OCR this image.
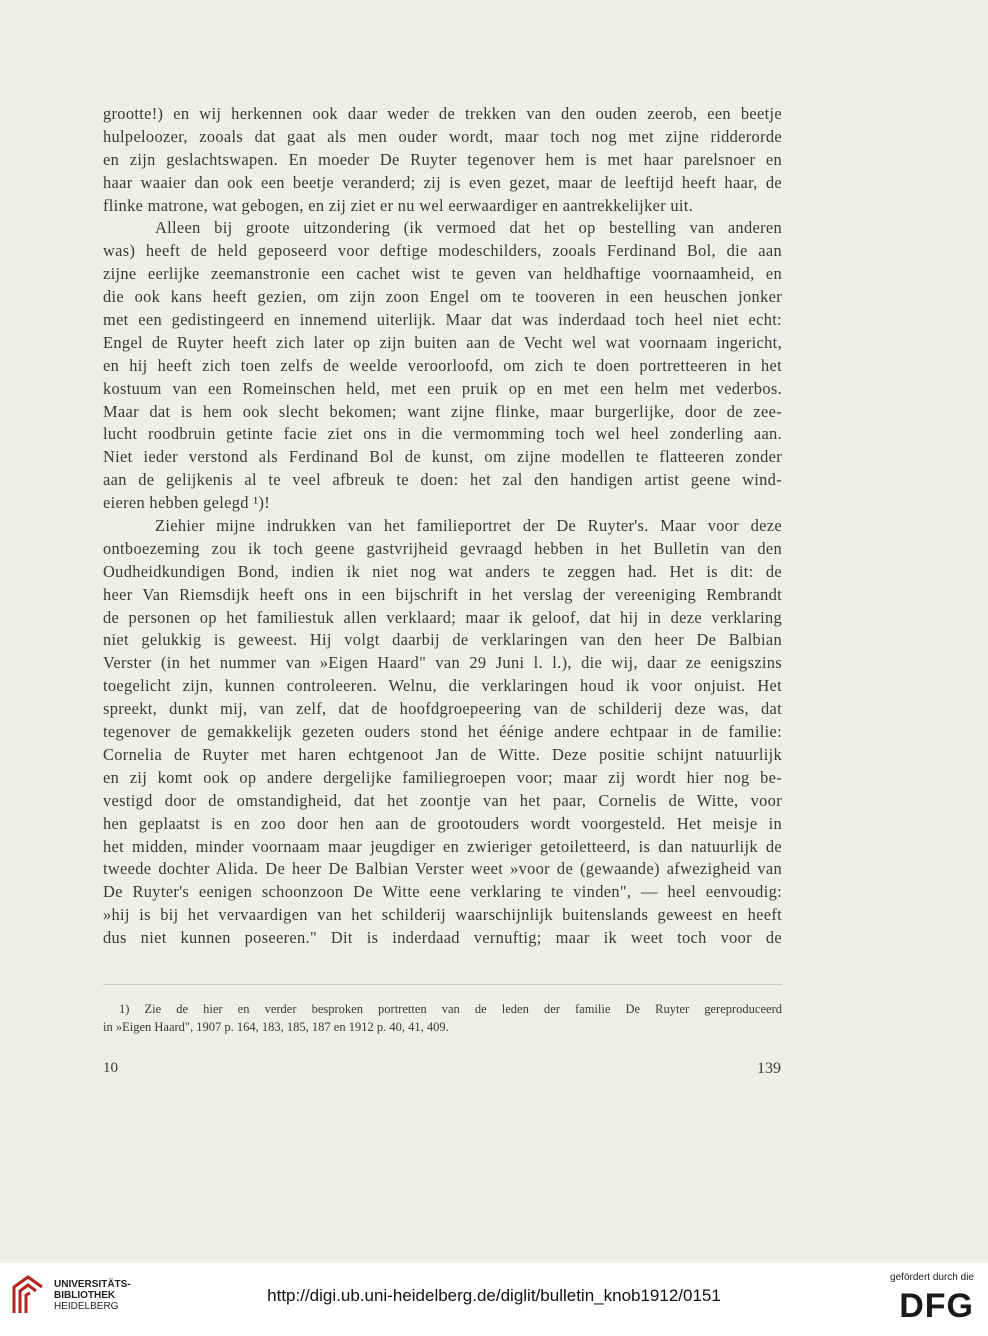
grootte!) en wij herkennen ook daar weder de trekken van den ouden zeerob, een beetje
hulpeloozer, zooals dat gaat als men ouder wordt, maar toch nog met zijne ridderorde
en zijn geslachtswapen. En moeder De Ruyter tegenover hem is met haar parelsnoer en
haar waaier dan ook een beetje veranderd; zij is even gezet, maar de leeftijd heeft haar, de
flinke matrone, wat gebogen, en zij ziet er nu wel eerwaardiger en aantrekkelijker uit.
Alleen bij groote uitzondering (ik vermoed dat het op bestelling van anderen
was) heeft de held geposeerd voor deftige modeschilders, zooals Ferdinand Bol, die aan
zijne eerlijke zeemanstronie een cachet wist te geven van heldhaftige voornaamheid, en
die ook kans heeft gezien, om zijn zoon Engel om te tooveren in een heuschen jonker
met een gedistingeerd en innemend uiterlijk. Maar dat was inderdaad toch heel niet echt:
Engel de Ruyter heeft zich later op zijn buiten aan de Vecht wel wat voornaam ingericht,
en hij heeft zich toen zelfs de weelde veroorloofd, om zich te doen portretteeren in het
kostuum van een Romeinschen held, met een pruik op en met een helm met vederbos.
Maar dat is hem ook slecht bekomen; want zijne flinke, maar burgerlijke, door de zee-
lucht roodbruin getinte facie ziet ons in die vermomming toch wel heel zonderling aan.
Niet ieder verstond als Ferdinand Bol de kunst, om zijne modellen te flatteeren zonder
aan de gelijkenis al te veel afbreuk te doen: het zal den handigen artist geene wind-
eieren hebben gelegd ¹)!
Ziehier mijne indrukken van het familieportret der De Ruyter's. Maar voor deze
ontboezeming zou ik toch geene gastvrijheid gevraagd hebben in het Bulletin van den
Oudheidkundigen Bond, indien ik niet nog wat anders te zeggen had. Het is dit: de
heer Van Riemsdijk heeft ons in een bijschrift in het verslag der vereeniging Rembrandt
de personen op het familiestuk allen verklaard; maar ik geloof, dat hij in deze verklaring
niet gelukkig is geweest. Hij volgt daarbij de verklaringen van den heer De Balbian
Verster (in het nummer van »Eigen Haard" van 29 Juni l. l.), die wij, daar ze eenigszins
toegelicht zijn, kunnen controleeren. Welnu, die verklaringen houd ik voor onjuist. Het
spreekt, dunkt mij, van zelf, dat de hoofdgroepeering van de schilderij deze was, dat
tegenover de gemakkelijk gezeten ouders stond het éénige andere echtpaar in de familie:
Cornelia de Ruyter met haren echtgenoot Jan de Witte. Deze positie schijnt natuurlijk
en zij komt ook op andere dergelijke familiegroepen voor; maar zij wordt hier nog be-
vestigd door de omstandigheid, dat het zoontje van het paar, Cornelis de Witte, voor
hen geplaatst is en zoo door hen aan de grootouders wordt voorgesteld. Het meisje in
het midden, minder voornaam maar jeugdiger en zwieriger getoiletteerd, is dan natuurlijk de
tweede dochter Alida. De heer De Balbian Verster weet »voor de (gewaande) afwezigheid van
De Ruyter's eenigen schoonzoon De Witte eene verklaring te vinden", — heel eenvoudig:
»hij is bij het vervaardigen van het schilderij waarschijnlijk buitenslands geweest en heeft
dus niet kunnen poseeren." Dit is inderdaad vernuftig; maar ik weet toch voor de
1) Zie de hier en verder besproken portretten van de leden der familie De Ruyter gereproduceerd
in »Eigen Haard", 1907 p. 164, 183, 185, 187 en 1912 p. 40, 41, 409.
10	139
UNIVERSITÄTS-
BIBLIOTHEK
HEIDELBERG
http://digi.ub.uni-heidelberg.de/diglit/bulletin_knob1912/0151
gefördert durch die
DFG
